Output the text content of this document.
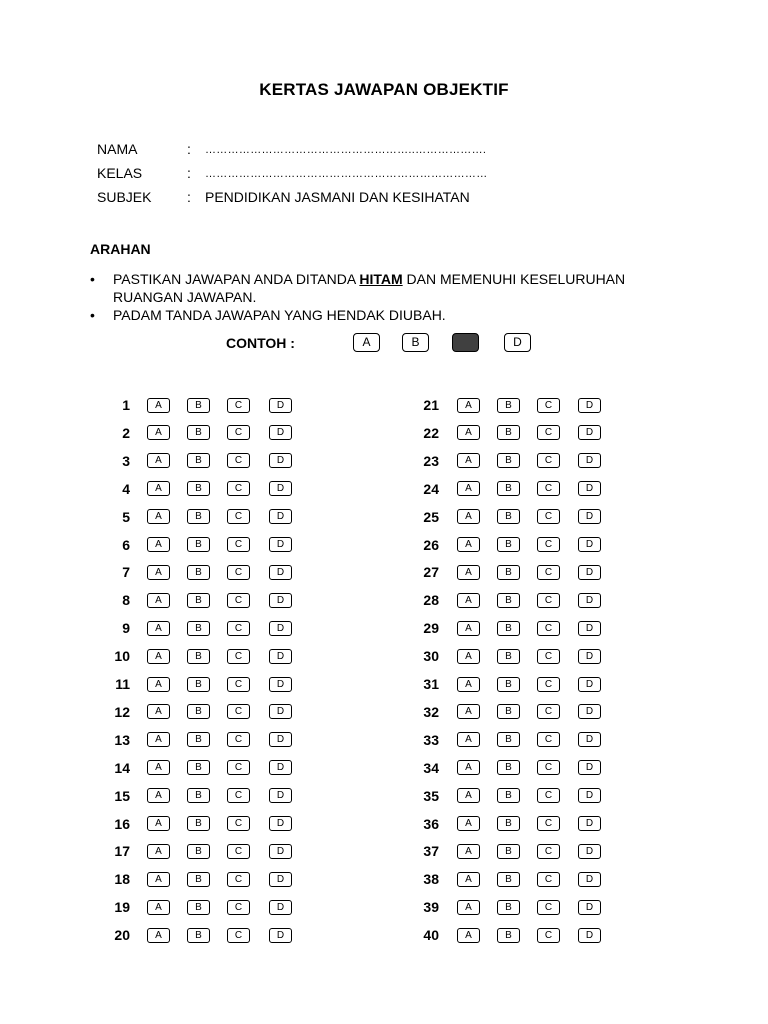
KERTAS JAWAPAN OBJEKTIF
NAMA	: ………………………………………………..……………….
KELAS	: …………………………………………………………………
SUBJEK	: PENDIDIKAN JASMANI DAN KESIHATAN
ARAHAN
• PASTIKAN JAWAPAN ANDA DITANDA HITAM DAN MEMENUHI KESELURUHAN RUANGAN JAWAPAN.
• PADAM TANDA JAWAPAN YANG HENDAK DIUBAH.
CONTOH :	A	B	D
1	A	B	C	D
2	A	B	C	D
3	A	B	C	D
4	A	B	C	D
5	A	B	C	D
6	A	B	C	D
7	A	B	C	D
8	A	B	C	D
9	A	B	C	D
10	A	B	C	D
11	A	B	C	D
12	A	B	C	D
13	A	B	C	D
14	A	B	C	D
15	A	B	C	D
16	A	B	C	D
17	A	B	C	D
18	A	B	C	D
19	A	B	C	D
20	A	B	C	D
21	A	B	C	D
22	A	B	C	D
23	A	B	C	D
24	A	B	C	D
25	A	B	C	D
26	A	B	C	D
27	A	B	C	D
28	A	B	C	D
29	A	B	C	D
30	A	B	C	D
31	A	B	C	D
32	A	B	C	D
33	A	B	C	D
34	A	B	C	D
35	A	B	C	D
36	A	B	C	D
37	A	B	C	D
38	A	B	C	D
39	A	B	C	D
40	A	B	C	D
